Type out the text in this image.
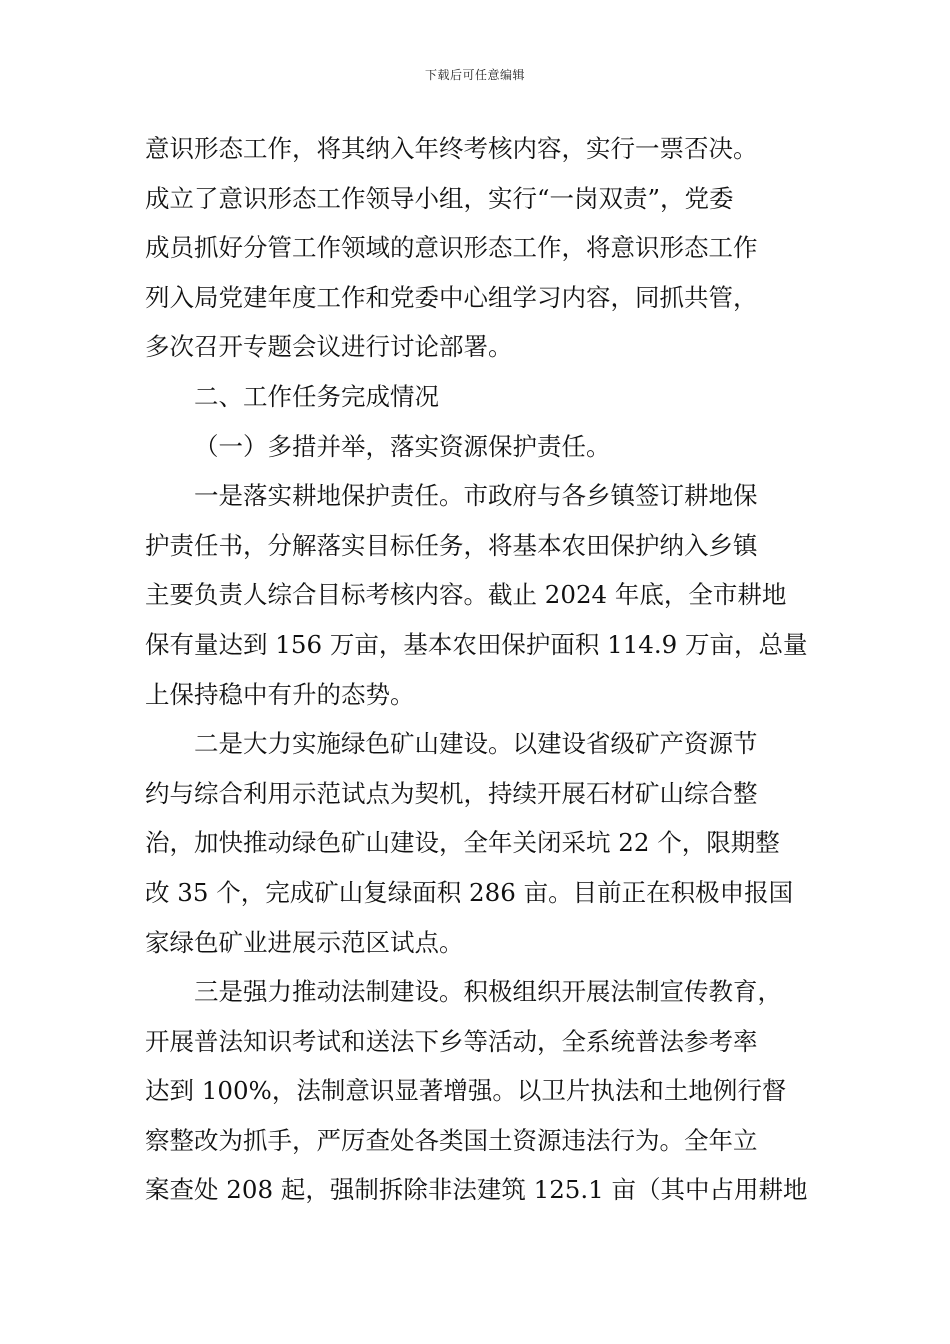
下载后可任意编辑
意识形态工作，将其纳入年终考核内容，实行一票否决。
成立了意识形态工作领导小组，实行“一岗双责”，党委
成员抓好分管工作领域的意识形态工作，将意识形态工作
列入局党建年度工作和党委中心组学习内容，同抓共管，
多次召开专题会议进行讨论部署。
二、工作任务完成情况
（一）多措并举，落实资源保护责任。
一是落实耕地保护责任。市政府与各乡镇签订耕地保
护责任书，分解落实目标任务，将基本农田保护纳入乡镇
主要负责人综合目标考核内容。截止 2024 年底，全市耕地
保有量达到 156 万亩，基本农田保护面积 114.9 万亩，总量
上保持稳中有升的态势。
二是大力实施绿色矿山建设。以建设省级矿产资源节
约与综合利用示范试点为契机，持续开展石材矿山综合整
治，加快推动绿色矿山建设，全年关闭采坑 22 个，限期整
改 35 个，完成矿山复绿面积 286 亩。目前正在积极申报国
家绿色矿业进展示范区试点。
三是强力推动法制建设。积极组织开展法制宣传教育，
开展普法知识考试和送法下乡等活动，全系统普法参考率
达到 100%，法制意识显著增强。以卫片执法和土地例行督
察整改为抓手，严厉查处各类国土资源违法行为。全年立
案查处 208 起，强制拆除非法建筑 125.1 亩（其中占用耕地
